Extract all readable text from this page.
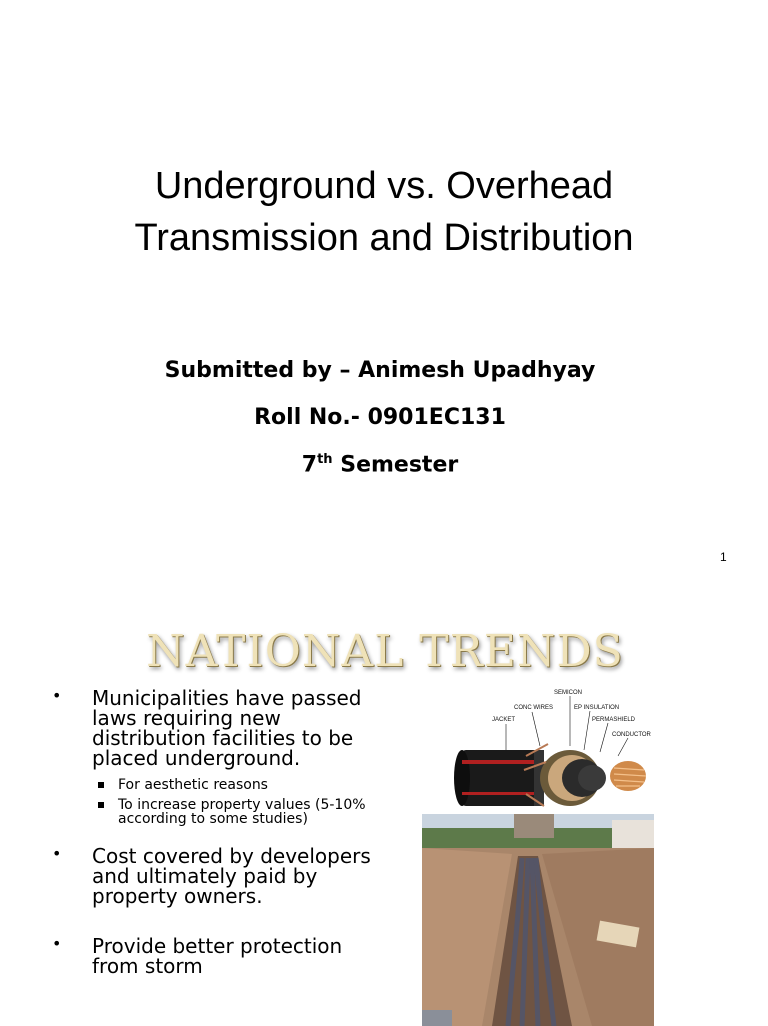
Underground vs. Overhead
Transmission and Distribution
Submitted by – Animesh Upadhyay
Roll No.- 0901EC131
7th Semester
1
NATIONAL TRENDS
• Municipalities have passed laws requiring new distribution facilities to be placed underground.
For aesthetic reasons
To increase property values (5-10% according to some studies)
• Cost covered by developers and ultimately paid by property owners.
• Provide better protection from storm
SEMICON
CONC WIRES	EP INSULATION
JACKET	PERMASHIELD
CONDUCTOR
